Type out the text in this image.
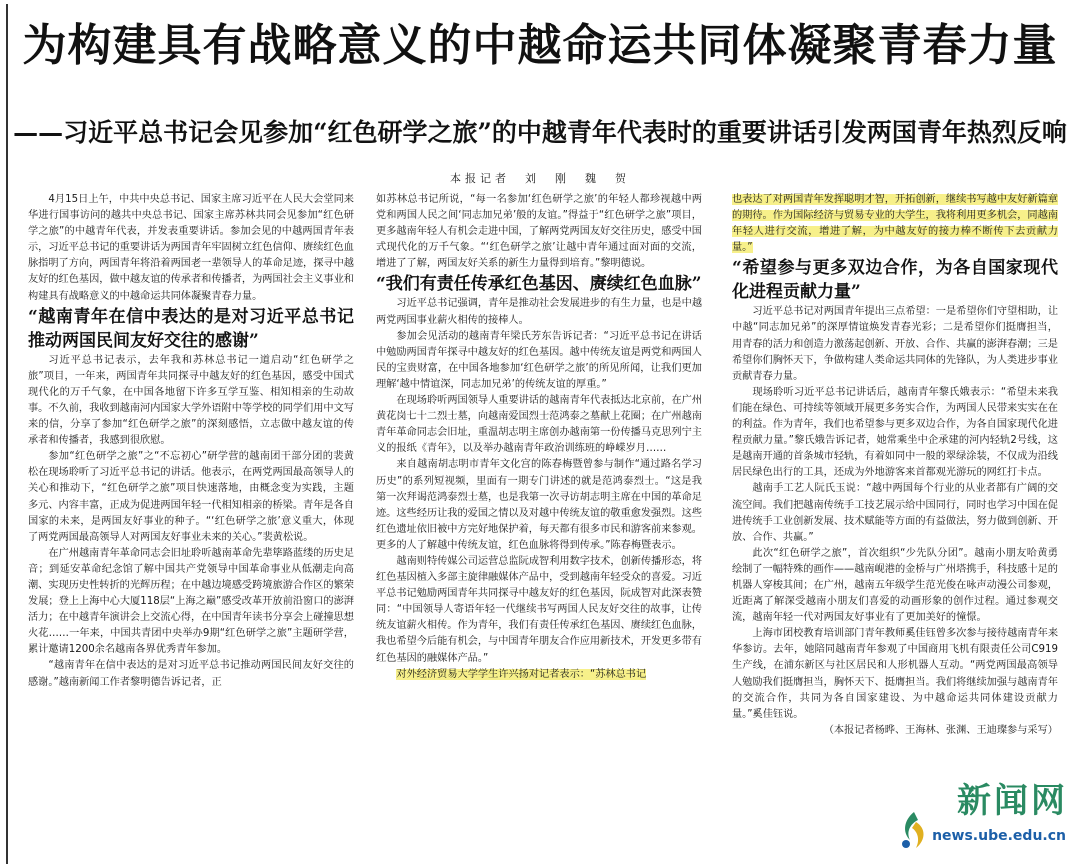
为构建具有战略意义的中越命运共同体凝聚青春力量
——习近平总书记会见参加“红色研学之旅”的中越青年代表时的重要讲话引发两国青年热烈反响
本报记者　刘　刚　魏　贺

4月15日上午，中共中央总书记、国家主席习近平在人民大会堂同来华进行国事访问的越共中央总书记、国家主席苏林共同会见参加“红色研学之旅”的中越青年代表，并发表重要讲话。参加会见的中越两国青年表示，习近平总书记的重要讲话为两国青年牢固树立红色信仰、赓续红色血脉指明了方向，两国青年将沿着两国老一辈领导人的革命足迹，探寻中越友好的红色基因，做中越友谊的传承者和传播者，为两国社会主义事业和构建具有战略意义的中越命运共同体凝聚青春力量。

“越南青年在信中表达的是对习近平总书记推动两国民间友好交往的感谢”

习近平总书记表示，去年我和苏林总书记一道启动“红色研学之旅”项目，一年来，两国青年共同探寻中越友好的红色基因，感受中国式现代化的万千气象，在中国各地留下许多互学互鉴、相知相亲的生动故事。不久前，我收到越南河内国家大学外语附中等学校的同学们用中文写来的信，分享了参加“红色研学之旅”的深刻感悟，立志做中越友谊的传承者和传播者，我感到很欣慰。

参加“红色研学之旅”之“不忘初心”研学营的越南团干部分团的裴黄松在现场聆听了习近平总书记的讲话。他表示，在两党两国最高领导人的关心和推动下，“红色研学之旅”项目快速落地，由概念变为实践，主题多元、内容丰富，正成为促进两国年轻一代相知相亲的桥梁。青年是各自国家的未来，是两国友好事业的种子。“‘红色研学之旅’意义重大，体现了两党两国最高领导人对两国友好事业未来的关心。”裴黄松说。

在广州越南青年革命同志会旧址聆听越南革命先辈筚路蓝缕的历史足音；到延安革命纪念馆了解中国共产党领导中国革命事业从低潮走向高潮、实现历史性转折的光辉历程；在中越边境感受跨境旅游合作区的繁荣发展；登上上海中心大厦118层“上海之巅”感受改革开放前沿窗口的澎湃活力；在中越青年演讲会上交流心得，在中国青年读书分享会上碰撞思想火花……一年来，中国共青团中央举办9期“红色研学之旅”主题研学营，累计邀请1200余名越南各界优秀青年参加。

“越南青年在信中表达的是对习近平总书记推动两国民间友好交往的感谢。”越南新闻工作者黎明德告诉记者，正

如苏林总书记所说，“每一名参加‘红色研学之旅’的年轻人都珍视越中两党和两国人民之间‘同志加兄弟’般的友谊。”得益于“红色研学之旅”项目，更多越南年轻人有机会走进中国，了解两党两国友好交往历史，感受中国式现代化的万千气象。“‘红色研学之旅’让越中青年通过面对面的交流，增进了了解，两国友好关系的新生力量得到培育。”黎明德说。

“我们有责任传承红色基因、赓续红色血脉”

习近平总书记强调，青年是推动社会发展进步的有生力量，也是中越两党两国事业薪火相传的接棒人。

参加会见活动的越南青年梁氏芳东告诉记者：“习近平总书记在讲话中勉励两国青年探寻中越友好的红色基因。越中传统友谊是两党和两国人民的宝贵财富，在中国各地参加‘红色研学之旅’的所见所闻，让我们更加理解‘越中情谊深，同志加兄弟’的传统友谊的厚重。”

在现场聆听两国领导人重要讲话的越南青年代表抵达北京前，在广州黄花岗七十二烈士墓，向越南爱国烈士范鸿泰之墓献上花圈；在广州越南青年革命同志会旧址，重温胡志明主席创办越南第一份传播马克思列宁主义的报纸《青年》，以及举办越南青年政治训练班的峥嵘岁月……

来自越南胡志明市青年文化宫的陈春梅暨曾参与制作“通过路名学习历史”的系列短视频，里面有一期专门讲述的就是范鸿泰烈士。“这是我第一次拜谒范鸿泰烈士墓，也是我第一次寻访胡志明主席在中国的革命足迹。这些经历让我的爱国之情以及对越中传统友谊的敬重愈发强烈。这些红色遗址依旧被中方完好地保护着，每天都有很多市民和游客前来参观。更多的人了解越中传统友谊，红色血脉将得到传承。”陈春梅暨表示。

越南则特传媒公司运营总监阮成智利用数字技术，创新传播形态，将红色基因植入多部主旋律融媒体产品中，受到越南年轻受众的喜爱。习近平总书记勉励两国青年共同探寻中越友好的红色基因，阮成智对此深表赞同：“中国领导人寄语年轻一代继续书写两国人民友好交往的故事，让传统友谊薪火相传。作为青年，我们有责任传承红色基因、赓续红色血脉，我也希望今后能有机会，与中国青年朋友合作应用新技术，开发更多带有红色基因的融媒体产品。”

对外经济贸易大学学生许兴扬对记者表示：“苏林总书记

也表达了对两国青年发挥聪明才智，开拓创新，继续书写越中友好新篇章的期待。作为国际经济与贸易专业的大学生，我将利用更多机会，同越南年轻人进行交流，增进了解，为中越友好的接力棒不断传下去贡献力量。”

“希望参与更多双边合作，为各自国家现代化进程贡献力量”

习近平总书记对两国青年提出三点希望：一是希望你们守望相助，让中越“同志加兄弟”的深厚情谊焕发青春光彩；二是希望你们挺膺担当，用青春的活力和创造力激荡起创新、开放、合作、共赢的澎湃春潮；三是希望你们胸怀天下，争做构建人类命运共同体的先锋队，为人类进步事业贡献青春力量。

现场聆听习近平总书记讲话后，越南青年黎氏娥表示：“希望未来我们能在绿色、可持续等领域开展更多务实合作，为两国人民带来实实在在的利益。作为青年，我们也希望参与更多双边合作，为各自国家现代化进程贡献力量。”黎氏娥告诉记者，她常乘坐中企承建的河内轻轨2号线，这是越南开通的首条城市轻轨，有着如同中一般的翠绿涂装，不仅成为沿线居民绿色出行的工具，还成为外地游客来首都观光游玩的网红打卡点。

越南手工艺人阮氏玉说：“越中两国每个行业的从业者都有广阔的交流空间。我们把越南传统手工技艺展示给中国同行，同时也学习中国在促进传统手工业创新发展、技术赋能等方面的有益做法，努力做到创新、开放、合作、共赢。”

此次“红色研学之旅”，首次组织“少先队分团”。越南小朋友哈黄勇绘制了一幅特殊的画作——越南岘港的金桥与广州塔携手，科技感十足的机器人穿梭其间；在广州，越南五年级学生范光俊在咏声动漫公司参观，近距离了解深受越南小朋友们喜爱的动画形象的创作过程。通过参观交流，越南年轻一代对两国友好事业有了更加美好的憧憬。

上海市团校教育培训部门青年教师奚佳钰曾多次参与接待越南青年来华参访。去年，她陪同越南青年参观了中国商用飞机有限责任公司C919生产线，在浦东新区与社区居民和人形机器人互动。“两党两国最高领导人勉励我们挺膺担当，胸怀天下、挺膺担当。我们将继续加强与越南青年的交流合作，共同为各自国家建设、为中越命运共同体建设贡献力量。”奚佳钰说。

（本报记者杨晔、王海林、张渊、王迪璨参与采写）

新闻网
news.ube.edu.cn
